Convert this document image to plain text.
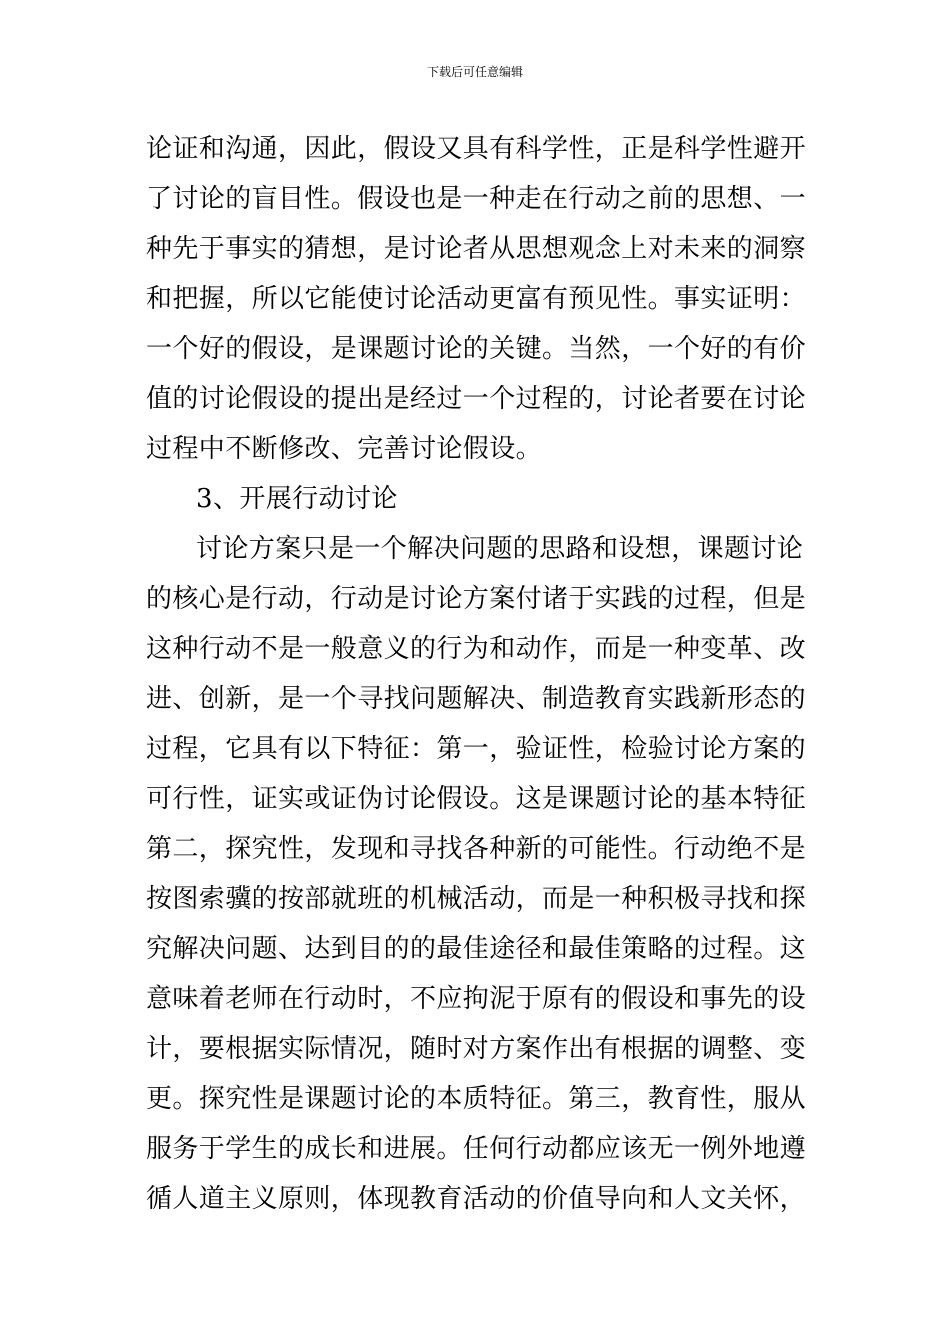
下载后可任意编辑
论证和沟通，因此，假设又具有科学性，正是科学性避开
了讨论的盲目性。假设也是一种走在行动之前的思想、一
种先于事实的猜想，是讨论者从思想观念上对未来的洞察
和把握，所以它能使讨论活动更富有预见性。事实证明：
一个好的假设，是课题讨论的关键。当然，一个好的有价
值的讨论假设的提出是经过一个过程的，讨论者要在讨论
过程中不断修改、完善讨论假设。
3、开展行动讨论
讨论方案只是一个解决问题的思路和设想，课题讨论
的核心是行动，行动是讨论方案付诸于实践的过程，但是
这种行动不是一般意义的行为和动作，而是一种变革、改
进、创新，是一个寻找问题解决、制造教育实践新形态的
过程，它具有以下特征：第一，验证性，检验讨论方案的
可行性，证实或证伪讨论假设。这是课题讨论的基本特征
第二，探究性，发现和寻找各种新的可能性。行动绝不是
按图索骥的按部就班的机械活动，而是一种积极寻找和探
究解决问题、达到目的的最佳途径和最佳策略的过程。这
意味着老师在行动时，不应拘泥于原有的假设和事先的设
计，要根据实际情况，随时对方案作出有根据的调整、变
更。探究性是课题讨论的本质特征。第三，教育性，服从
服务于学生的成长和进展。任何行动都应该无一例外地遵
循人道主义原则，体现教育活动的价值导向和人文关怀，
